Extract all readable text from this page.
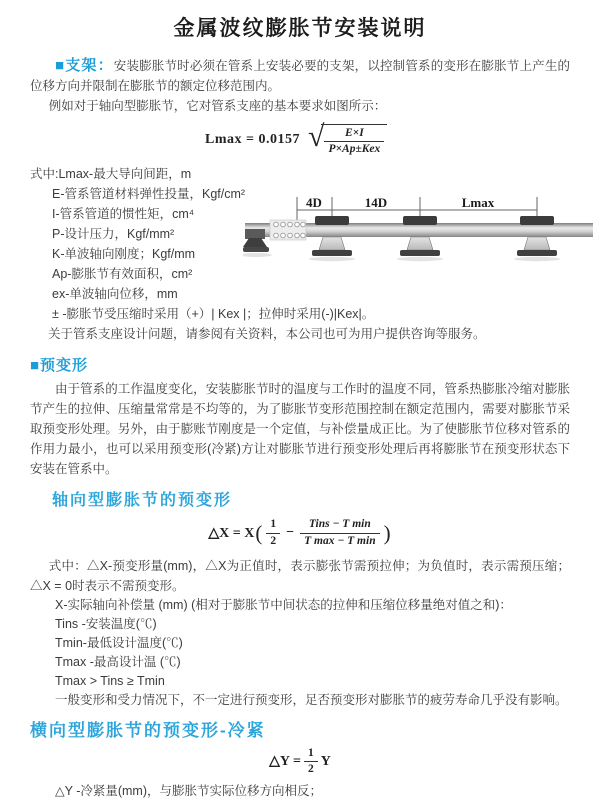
金属波纹膨胀节安装说明

■支架：安装膨胀节时必须在管系上安装必要的支架，以控制管系的变形在膨胀节上产生的位移方向并限制在膨胀节的额定位移范围内。

例如对于轴向型膨胀节，它对管系支座的基本要求如图所示：

Lmax = 0.0157 √ $\frac{E\times I}{\text{P×Ap±Kex}}$
式中:Lmax-最大导向间距，m
E-管系管道材料弹性投量，Kgf/cm²
I-管系管道的惯性矩，cm⁴
P-设计压力，Kgf/mm²
K-单波轴向刚度；Kgf/mm
Ap-膨胀节有效面积，cm²
ex-单波轴向位移，mm
± -膨胀节受压缩时采用（+）| Kex |；拉伸时采用(-)|Kex|。
关于管系支座设计问题，请参阅有关资料，本公司也可为用户提供咨询等服务。
4D	14D	Lmax
■预变形

由于管系的工作温度变化，安装膨胀节时的温度与工作时的温度不同，管系热膨胀冷缩对膨胀节产生的拉伸、压缩量常常是不均等的，为了膨胀节变形范围控制在额定范围内，需要对膨胀节采取预变形处理。另外，由于膨账节刚度是一个定值，与补偿量成正比。为了使膨胀节位移对管系的作用力最小，也可以采用预变形(冷紧)方让对膨胀节进行预变形处理后再将膨胀节在预变形状态下安装在管系中。

轴向型膨胀节的预变形
△X = X ( $\frac{1}{2} - \frac{\text{Tins − T min}}{\text{T max − T min}}$ )

式中：△X-预变形量(mm)，△X为正值时，表示膨张节需预拉伸；为负值时，表示需预压缩；△X = 0时表示不需预变形。

X-实际轴向补偿量 (mm) (相对于膨胀节中间状态的拉伸和压缩位移量绝对值之和)：
Tins -安装温度(℃)
Tmin-最低设计温度(℃)
Tmax -最高设计温 (℃)
Tmax > Tins ≥ Tmin
一般变形和受力情况下，不一定进行预变形，足否预变形对膨胀节的疲劳寿命几乎没有影响。
横向型膨胀节的预变形-冷紧
△Y = $\frac{1}{2}$ Y
△Y -冷紧量(mm)，与膨胀节实际位移方向相反；
